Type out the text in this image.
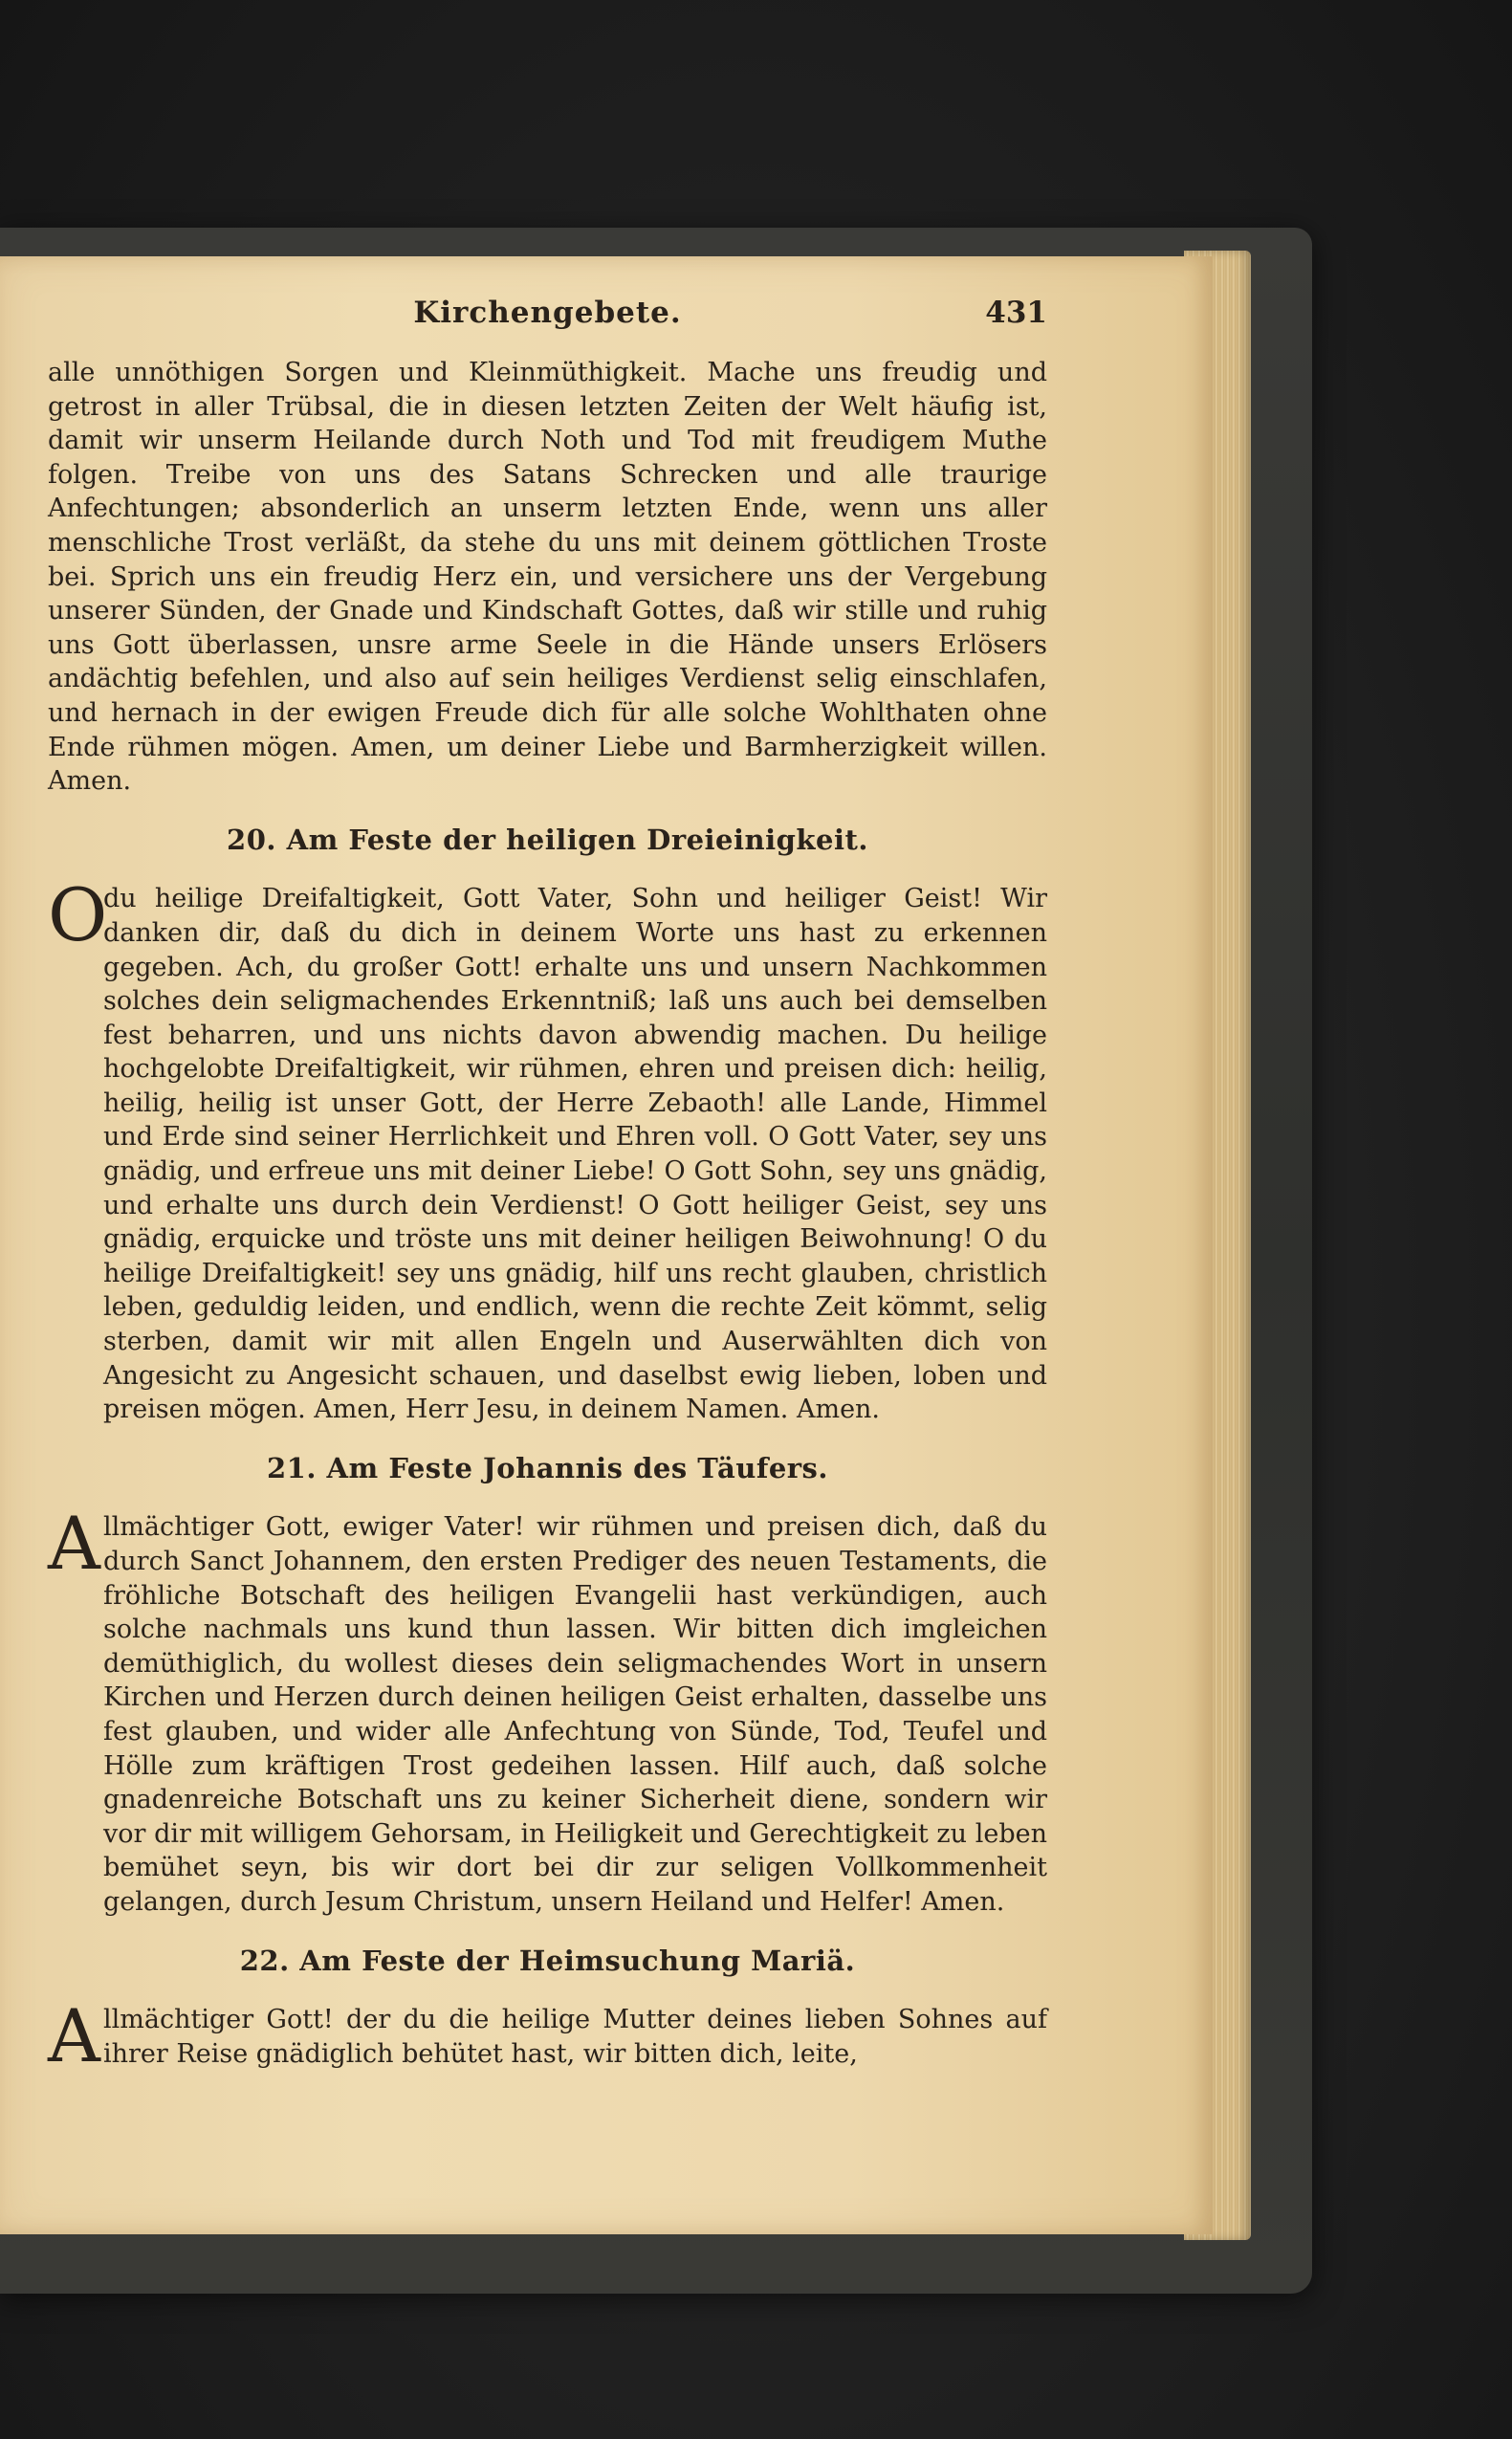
Kirchengebete.	431

alle unnöthigen Sorgen und Kleinmüthigkeit. Mache uns freudig und getrost in aller Trübsal, die in diesen letzten Zeiten der Welt häufig ist, damit wir unserm Heilande durch Noth und Tod mit freudigem Muthe folgen. Treibe von uns des Satans Schrecken und alle traurige Anfechtungen; absonderlich an unserm letzten Ende, wenn uns aller menschliche Trost verläßt, da stehe du uns mit deinem göttlichen Troste bei. Sprich uns ein freudig Herz ein, und versichere uns der Vergebung unserer Sünden, der Gnade und Kindschaft Gottes, daß wir stille und ruhig uns Gott überlassen, unsre arme Seele in die Hände unsers Erlösers andächtig befehlen, und also auf sein heiliges Verdienst selig einschlafen, und hernach in der ewigen Freude dich für alle solche Wohlthaten ohne Ende rühmen mögen. Amen, um deiner Liebe und Barmherzigkeit willen. Amen.

20. Am Feste der heiligen Dreieinigkeit.

O
du heilige Dreifaltigkeit, Gott Vater, Sohn und heiliger Geist! Wir danken dir, daß du dich in deinem Worte uns hast zu erkennen gegeben. Ach, du großer Gott! erhalte uns und unsern Nachkommen solches dein seligmachendes Erkenntniß; laß uns auch bei demselben fest beharren, und uns nichts davon abwendig machen. Du heilige hochgelobte Dreifaltigkeit, wir rühmen, ehren und preisen dich: heilig, heilig, heilig ist unser Gott, der Herre Zebaoth! alle Lande, Himmel und Erde sind seiner Herrlichkeit und Ehren voll. O Gott Vater, sey uns gnädig, und erfreue uns mit deiner Liebe! O Gott Sohn, sey uns gnädig, und erhalte uns durch dein Verdienst! O Gott heiliger Geist, sey uns gnädig, erquicke und tröste uns mit deiner heiligen Beiwohnung! O du heilige Dreifaltigkeit! sey uns gnädig, hilf uns recht glauben, christlich leben, geduldig leiden, und endlich, wenn die rechte Zeit kömmt, selig sterben, damit wir mit allen Engeln und Auserwählten dich von Angesicht zu Angesicht schauen, und daselbst ewig lieben, loben und preisen mögen. Amen, Herr Jesu, in deinem Namen. Amen.

21. Am Feste Johannis des Täufers.

A llmächtiger Gott, ewiger Vater! wir rühmen und preisen dich, daß du durch Sanct Johannem, den ersten Prediger des neuen Testaments, die fröhliche Botschaft des heiligen Evangelii hast verkündigen, auch solche nachmals uns kund thun lassen. Wir bitten dich imgleichen demüthiglich, du wollest dieses dein seligmachendes Wort in unsern Kirchen und Herzen durch deinen heiligen Geist erhalten, dasselbe uns fest glauben, und wider alle Anfechtung von Sünde, Tod, Teufel und Hölle zum kräftigen Trost gedeihen lassen. Hilf auch, daß solche gnadenreiche Botschaft uns zu keiner Sicherheit diene, sondern wir vor dir mit willigem Gehorsam, in Heiligkeit und Gerechtigkeit zu leben bemühet seyn, bis wir dort bei dir zur seligen Vollkommenheit gelangen, durch Jesum Christum, unsern Heiland und Helfer! Amen.

22. Am Feste der Heimsuchung Mariä.

A llmächtiger Gott! der du die heilige Mutter deines lieben Sohnes auf ihrer Reise gnädiglich behütet hast, wir bitten dich, leite,
